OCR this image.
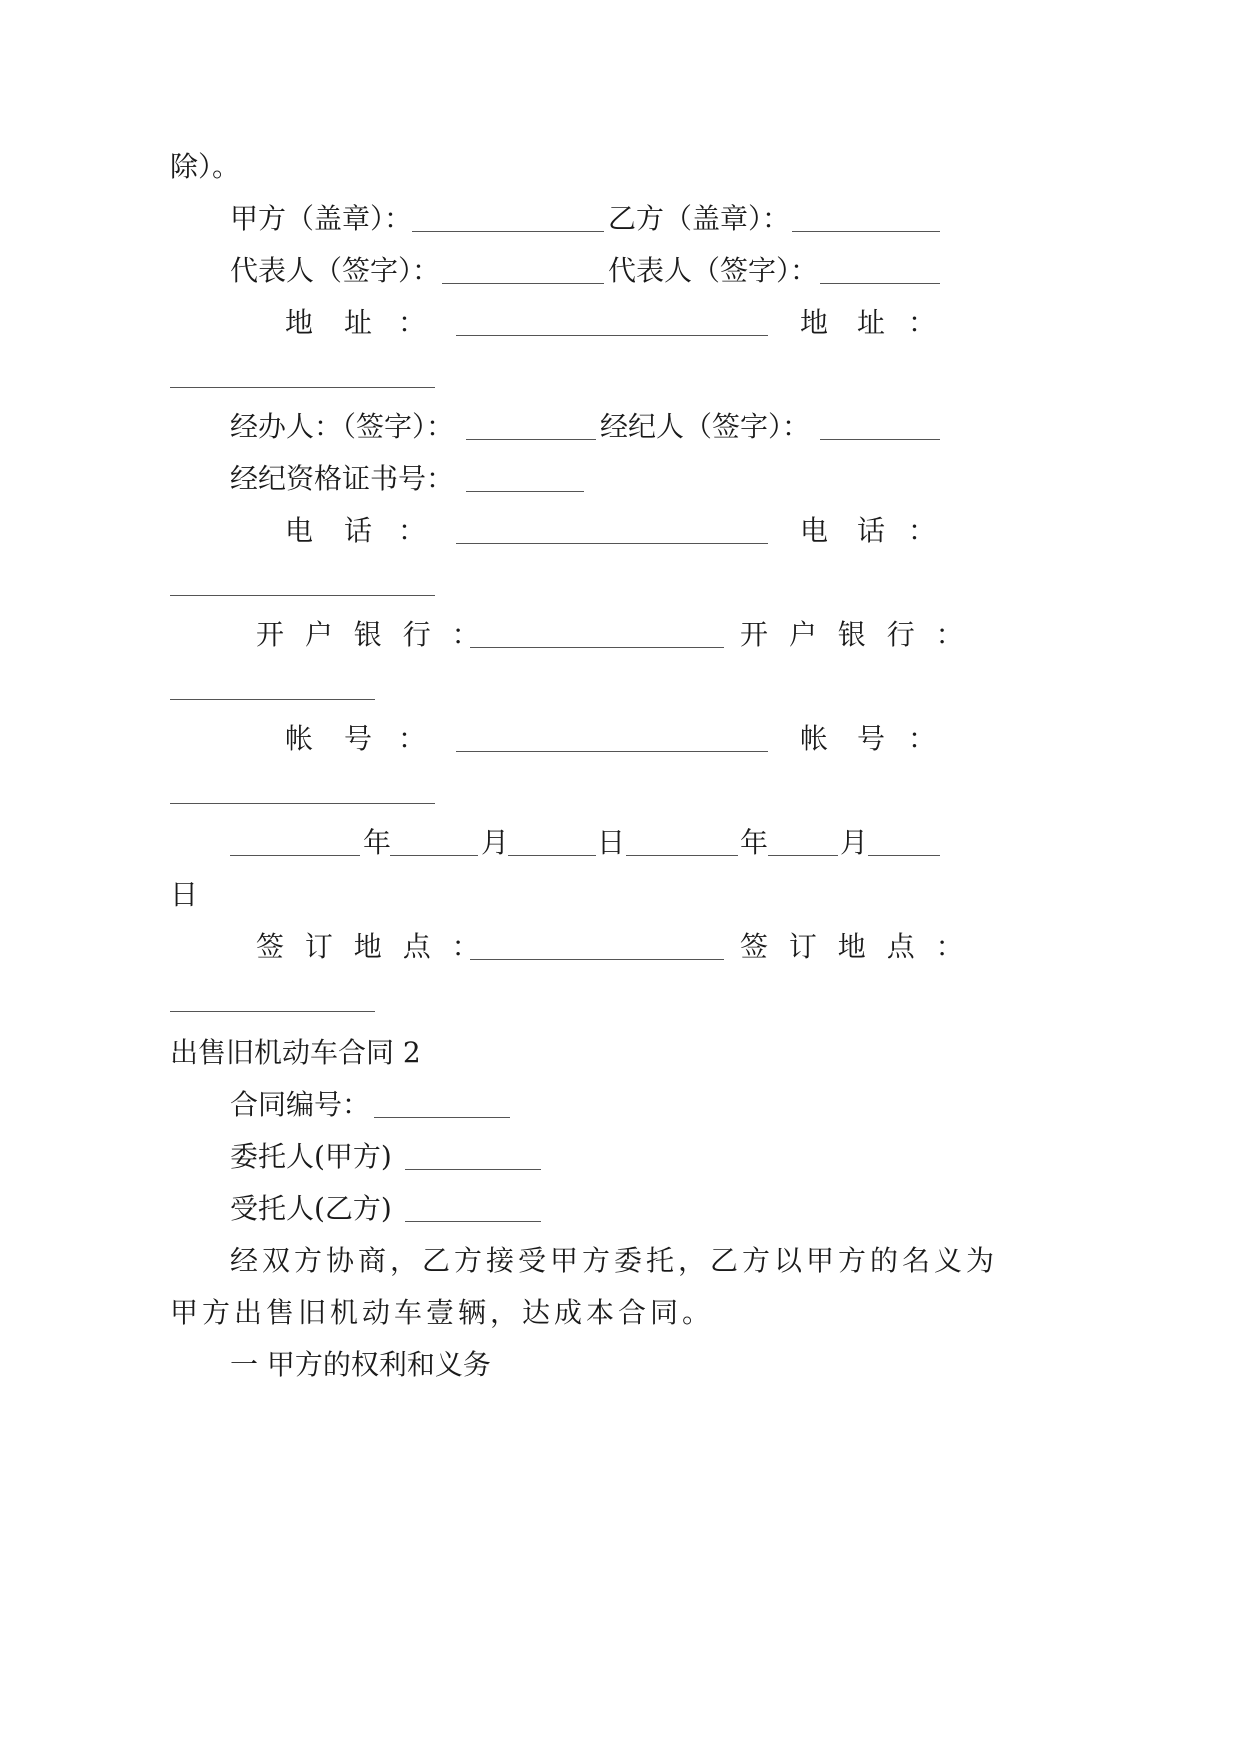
除）。
甲方（盖章）：	乙方（盖章）：
代表人（签字）：	代表人（签字）：
地 址 ：	地 址 ：
经办人：（签字）：	经纪人（签字）：
经纪资格证书号：
电 话 ：	电 话 ：
开 户 银 行 ：	开 户 银 行 ：
帐 号 ：	帐 号 ：
年	月	日	年	月
日
签 订 地 点 ：	签 订 地 点 ：
出售旧机动车合同 2
合同编号：
委托人(甲方)
受托人(乙方)
经双方协商，乙方接受甲方委托，乙方以甲方的名义为
甲方出售旧机动车壹辆，达成本合同。
一 甲方的权利和义务
